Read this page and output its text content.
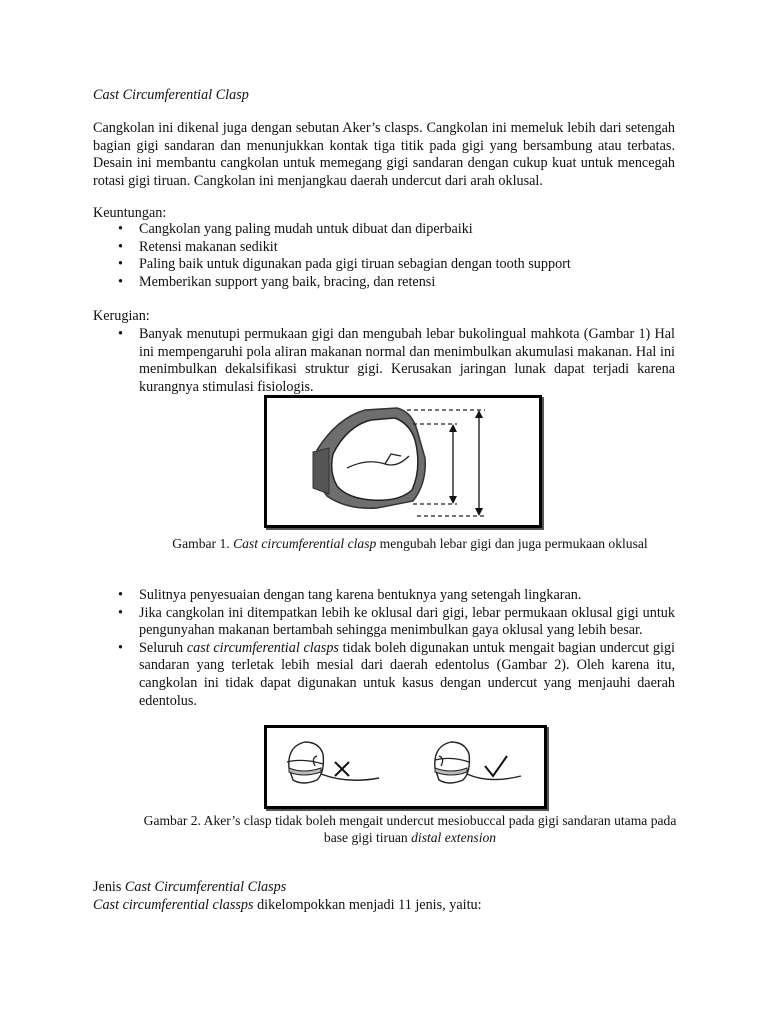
Cast Circumferential Clasp
Cangkolan ini dikenal juga dengan sebutan Aker’s clasps. Cangkolan ini memeluk lebih dari setengah bagian gigi sandaran dan menunjukkan kontak tiga titik pada gigi yang bersambung atau terbatas. Desain ini membantu cangkolan untuk memegang gigi sandaran dengan cukup kuat untuk mencegah rotasi gigi tiruan. Cangkolan ini menjangkau daerah undercut dari arah oklusal.
Keuntungan:
• Cangkolan yang paling mudah untuk dibuat dan diperbaiki
• Retensi makanan sedikit
• Paling baik untuk digunakan pada gigi tiruan sebagian dengan tooth support
• Memberikan support yang baik, bracing, dan retensi
Kerugian:
• Banyak menutupi permukaan gigi dan mengubah lebar bukolingual mahkota (Gambar 1) Hal ini mempengaruhi pola aliran makanan normal dan menimbulkan akumulasi makanan. Hal ini menimbulkan dekalsifikasi struktur gigi. Kerusakan jaringan lunak dapat terjadi karena kurangnya stimulasi fisiologis.
Gambar 1. Cast circumferential clasp mengubah lebar gigi dan juga permukaan oklusal
• Sulitnya penyesuaian dengan tang karena bentuknya yang setengah lingkaran.
• Jika cangkolan ini ditempatkan lebih ke oklusal dari gigi, lebar permukaan oklusal gigi untuk pengunyahan makanan bertambah sehingga menimbulkan gaya oklusal yang lebih besar.
• Seluruh cast circumferential clasps tidak boleh digunakan untuk mengait bagian undercut gigi sandaran yang terletak lebih mesial dari daerah edentolus (Gambar 2). Oleh karena itu, cangkolan ini tidak dapat digunakan untuk kasus dengan undercut yang menjauhi daerah edentolus.
Gambar 2. Aker’s clasp tidak boleh mengait undercut mesiobuccal pada gigi sandaran utama pada base gigi tiruan distal extension
Jenis Cast Circumferential Clasps
Cast circumferential classps dikelompokkan menjadi 11 jenis, yaitu:
